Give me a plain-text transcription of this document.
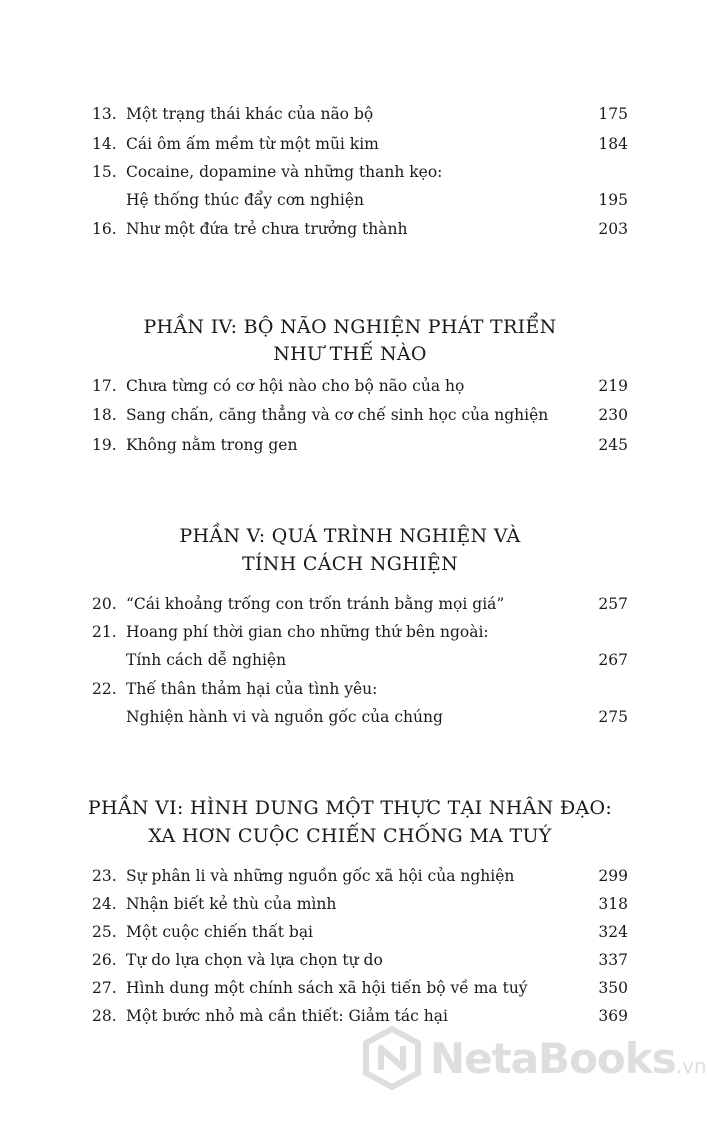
13. Một trạng thái khác của não bộ	175
14. Cái ôm ấm mềm từ một mũi kim	184
15. Cocaine, dopamine và những thanh kẹo:
Hệ thống thúc đẩy cơn nghiện	195
16. Như một đứa trẻ chưa trưởng thành	203
PHẦN IV: BỘ NÃO NGHIỆN PHÁT TRIỂN
NHƯ THẾ NÀO
17. Chưa từng có cơ hội nào cho bộ não của họ	219
18. Sang chấn, căng thẳng và cơ chế sinh học của nghiện	230
19. Không nằm trong gen	245
PHẦN V: QUÁ TRÌNH NGHIỆN VÀ
TÍNH CÁCH NGHIỆN
20. “Cái khoảng trống con trốn tránh bằng mọi giá”	257
21. Hoang phí thời gian cho những thứ bên ngoài:
Tính cách dễ nghiện	267
22. Thế thân thảm hại của tình yêu:
Nghiện hành vi và nguồn gốc của chúng	275
PHẦN VI: HÌNH DUNG MỘT THỰC TẠI NHÂN ĐẠO:
XA HƠN CUỘC CHIẾN CHỐNG MA TUÝ
23. Sự phân li và những nguồn gốc xã hội của nghiện	299
24. Nhận biết kẻ thù của mình	318
25. Một cuộc chiến thất bại	324
26. Tự do lựa chọn và lựa chọn tự do	337
27. Hình dung một chính sách xã hội tiến bộ về ma tuý	350
28. Một bước nhỏ mà cần thiết: Giảm tác hại	369
NetaBooks.vn
